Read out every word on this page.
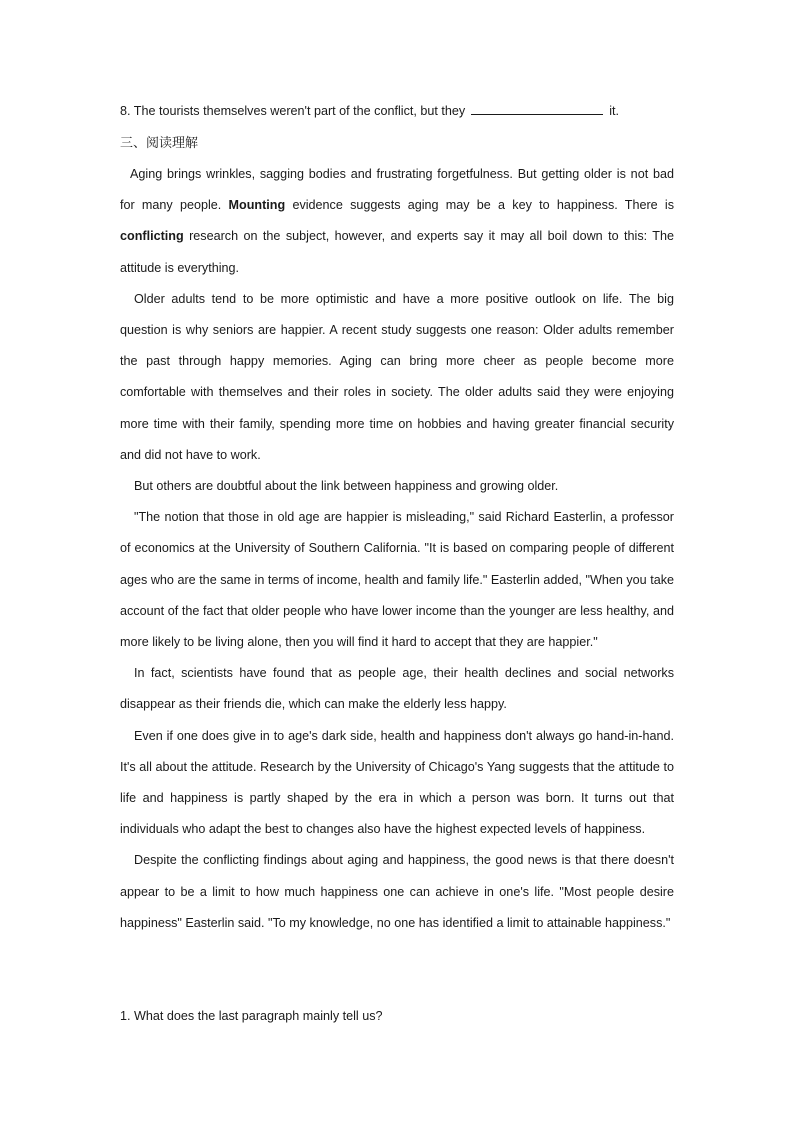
8. The tourists themselves weren't part of the conflict, but they	it.
三、阅读理解

Aging brings wrinkles, sagging bodies and frustrating forgetfulness. But getting older is not bad for many people. Mounting evidence suggests aging may be a key to happiness. There is conflicting research on the subject, however, and experts say it may all boil down to this: The attitude is everything.

Older adults tend to be more optimistic and have a more positive outlook on life. The big question is why seniors are happier. A recent study suggests one reason: Older adults remember the past through happy memories. Aging can bring more cheer as people become more comfortable with themselves and their roles in society. The older adults said they were enjoying more time with their family, spending more time on hobbies and having greater financial security and did not have to work.

But others are doubtful about the link between happiness and growing older.

"The notion that those in old age are happier is misleading," said Richard Easterlin, a professor of economics at the University of Southern California. "It is based on comparing people of different ages who are the same in terms of income, health and family life." Easterlin added, "When you take account of the fact that older people who have lower income than the younger are less healthy, and more likely to be living alone, then you will find it hard to accept that they are happier."

In fact, scientists have found that as people age, their health declines and social networks disappear as their friends die, which can make the elderly less happy.

Even if one does give in to age's dark side, health and happiness don't always go hand-in-hand. It's all about the attitude. Research by the University of Chicago's Yang suggests that the attitude to life and happiness is partly shaped by the era in which a person was born. It turns out that individuals who adapt the best to changes also have the highest expected levels of happiness.

Despite the conflicting findings about aging and happiness, the good news is that there doesn't appear to be a limit to how much happiness one can achieve in one's life. "Most people desire happiness" Easterlin said. "To my knowledge, no one has identified a limit to attainable happiness."

1. What does the last paragraph mainly tell us?
